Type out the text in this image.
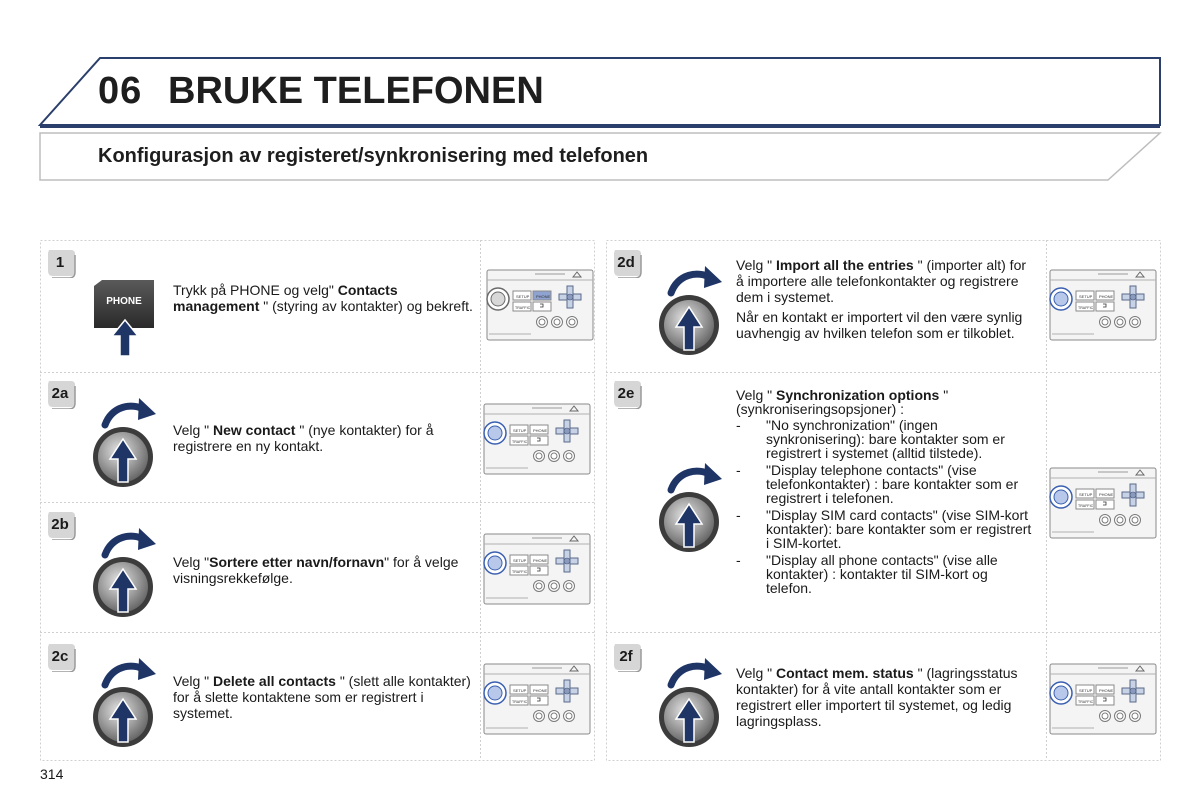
06 BRUKE TELEFONEN
Konfigurasjon av registeret/synkronisering med telefonen
1
PHONE
Trykk på PHONE og velg" Contacts management " (styring av kontakter) og bekreft.
2a
Velg " New contact " (nye kontakter) for å registrere en ny kontakt.
2b
Velg "Sortere etter navn/fornavn" for å velge visningsrekkefølge.
2c
Velg " Delete all contacts " (slett alle kontakter) for å slette kontaktene som er registrert i systemet.
2d	Velg " Import all the entries " (importer alt) for å importere alle telefonkontakter og registrere dem i systemet.

Når en kontakt er importert vil den være synlig uavhengig av hvilken telefon som er tilkoblet.

2e	Velg " Synchronization options " (synkroniseringsopsjoner) :
- "No synchronization" (ingen synkronisering): bare kontakter som er registrert i systemet (alltid tilstede).
- "Display telephone contacts" (vise telefonkontakter) : bare kontakter som er registrert i telefonen.
- "Display SIM card contacts" (vise SIM-kort kontakter): bare kontakter som er registrert i SIM-kortet.
- "Display all phone contacts" (vise alle kontakter) : kontakter til SIM-kort og telefon.
2f
Velg " Contact mem. status " (lagringsstatus kontakter) for å vite antall kontakter som er registrert eller importert til systemet, og ledig lagringsplass.
314
SETUP PHONE
TRAFFIC
SETUP PHONE
TRAFFIC
SETUP PHONE
TRAFFIC
SETUP PHONE
TRAFFIC
SETUP PHONE
TRAFFIC
SETUP PHONE
TRAFFIC
SETUP PHONE
TRAFFIC
